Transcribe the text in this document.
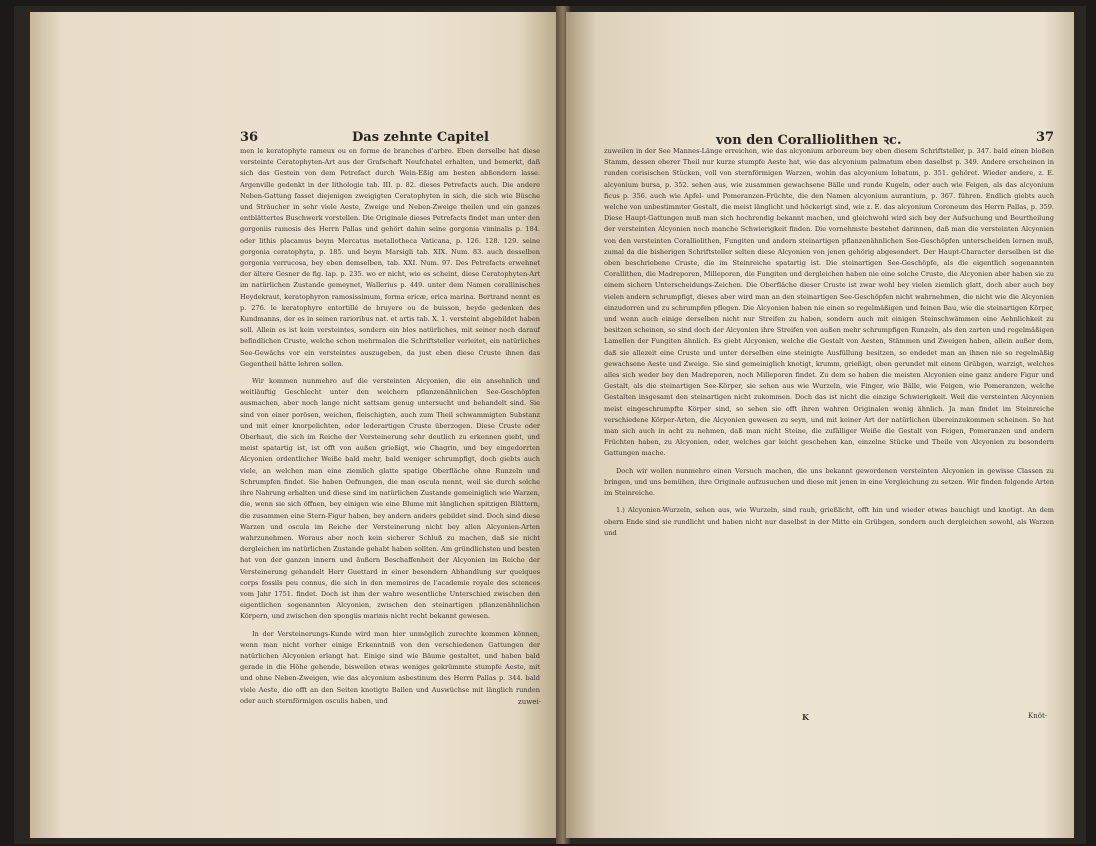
36	Das zehnte Capitel

men le keratophyte rameux ou en forme de branches d'arbre. Eben derselbe hat diese versteinte Ceratophyten-Art aus der Grafschaft Neufchatel erhalten, und bemerkt, daß sich das Gestein von dem Petrefact durch Wein-Eßig am besten abßondern lasse. Argenville gedenkt in der lithologie tab. III. p. 82. dieses Petrefacts auch. Die andere Neben-Gattung fasset diejenigen zweigigten Ceratophyten in sich, die sich wie Büsche und Sträucher in sehr viele Aeste, Zweige und Neben-Zweige theilen und ein ganzes entblättertes Buschwerk vorstellen. Die Originale dieses Petrefacts findet man unter den gorgoniis ramosis des Herrn Pallas und gehört dahin seine gorgonia viminalis p. 184. oder lithis placamus beym Mercatus metallotheca Vaticana, p. 126. 128. 129. seine gorgonia ceratophyta, p. 185. und beym Marsigli tab. XIX. Num. 83. auch desselben gorgonia verrucosa, bey eben demselben, tab. XXI. Num. 97. Des Petrefacts erwehnet der ältere Gesner de fig. lap. p. 235. wo er nicht, wie es scheint, diese Ceratophyten-Art im natürlichen Zustande gemeynet, Wallerius p. 449. unter dem Namen corallinisches Heydekraut, keratophyron ramosissimum, forma ericæ, erica marina. Bertrand nennt es p. 276. le keratophyre entortillé de bruyere ou de buisson, beyde gedenken des Kundmanns, der es in seinen rarioribus nat. et artis tab. X. 1. versteint abgebildet haben soll. Allein es ist kein versteintes, sondern ein blos natürliches, mit seiner noch darauf befindlichen Cruste, welche schon mehrmalen die Schriftsteller verleitet, ein natürliches See-Gewächs vor ein versteintes auszugeben, da just eben diese Cruste ihnen das Gegentheil hätte lehren sollen.

Wir kommen nunmehro auf die versteinten Alcyonien, die ein ansehnlich und weitläuftig Geschlecht unter den weichern pflanzenähnlichen See-Geschöpfen ausmachen, aber noch lange nicht sattsam genug untersucht und behandelt sind. Sie sind von einer porösen, weichen, fleischigten, auch zum Theil schwammigten Substanz und mit einer knorpelichten, oder lederartigen Cruste überzogen. Diese Cruste oder Oberhaut, die sich im Reiche der Versteinerung sehr deutlich zu erkennen giebt, und meist spatartig ist, ist offt von außen grießigt, wie Chagrin, und bey eingedorrten Alcyonien ordentlicher Weiße bald mehr, bald weniger schrumpfigt, doch giebts auch viele, an welchen man eine ziemlich glatte spatige Oberfläche ohne Runzeln und Schrumpfen findet. Sie haben Oefnungen, die man oscula nennt, weil sie durch solche ihre Nahrung erhalten und diese sind im natürlichen Zustande gemeiniglich wie Warzen, die, wenn sie sich öffnen, bey einigen wie eine Blume mit länglichen spitzigen Blättern, die zusammen eine Stern-Figur haben, bey andern anders gebildet sind. Doch sind diese Warzen und oscula im Reiche der Versteinerung nicht bey allen Alcyonien-Arten wahrzunehmen. Woraus aber noch kein sicherer Schluß zu machen, daß sie nicht dergleichen im natürlichen Zustande gehabt haben sollten. Am gründlichsten und besten hat von der ganzen innern und äußern Beschaffenheit der Alcyonien im Reiche der Versteinerung gehandelt Herr Guettard in einer besondern Abhandlung sur quelques corps fossils peu connus, die sich in den memoires de l'academie royale des sciences vom Jahr 1751. findet. Doch ist ihm der wahre wesentliche Unterschied zwischen den eigentlichen sogenannten Alcyonien, zwischen den steinartigen pflanzenähnlichen Körpern, und zwischen den spongiis marinis nicht recht bekannt gewesen.

In der Versteinerungs-Kunde wird man hier unmöglich zurechte kommen können, wenn man nicht vorher einige Erkenntniß von den verschiedenen Gattungen der natürlichen Alcyonien erlangt hat. Einige sind wie Bäume gestaltet, und haben bald gerade in die Höhe gehende, bisweilen etwas weniges gekrümmte stumpfe Aeste, mit und ohne Neben-Zweigen, wie das alcyonium asbestinum des Herrn Pallas p. 344. bald viele Aeste, die offt an den Seiten knotigte Ballen und Auswüchse mit länglich runden oder auch sternförmigen osculis haben, und	zuwei-
von den Coralliolithen ꝛc.	37

zuweilen in der See Mannes-Länge erreichen, wie das alcyonium arboreum bey eben diesem Schriftsteller, p. 347. bald einen bloßen Stamm, dessen oberer Theil nur kurze stumpfe Aeste hat, wie das alcyonium palmatum eben daselbst p. 349. Andere erscheinen in runden corisischen Stücken, voll von sternförmigen Warzen, wohin das alcyonium lobatum, p. 351. gehöret. Wieder andere, z. E. alcyonium bursa, p. 352. sehen aus, wie zusammen gewachsene Bälle und runde Kugeln, oder auch wie Feigen, als das alcyonium ficus p. 356. auch wie Apfel- und Pomeranzen-Früchte, die den Namen alcyonium aurantium, p. 367. führen. Endlich giebts auch welche von unbestimmter Gestalt, die meist länglicht und höckerigt sind, wie z. E. das alcyonium Coroneum des Herrn Pallas, p. 359. Diese Haupt-Gattungen muß man sich hochrendig bekannt machen, und gleichwohl wird sich bey der Aufsuchung und Beurtheilung der versteinten Alcyonien noch manche Schwierigkeit finden. Die vornehmste bestehet darinnen, daß man die versteinten Alcyonien von den versteinten Coralliolithen, Fungiten und andern steinartigen pflanzenähnlichen See-Geschöpfen unterscheiden lernen muß, zumal da die bisherigen Schriftsteller selten diese Alcyonien von jenen gehörig abgesondert. Der Haupt-Character derselben ist die oben beschriebene Cruste, die im Steinreiche spatartig ist. Die steinartigen See-Geschöpfe, als die eigentlich sogenannten Corallithen, die Madreporen, Milleporen, die Fungiten und dergleichen haben nie eine solche Cruste, die Alcyonien aber haben sie zu einem sichern Unterscheidungs-Zeichen. Die Oberfläche dieser Cruste ist zwar wohl bey vielen ziemlich glatt, doch aber auch bey vielen andern schrumpfigt, dieses aber wird man an den steinartigen See-Geschöpfen nicht wahrnehmen, die nicht wie die Alcyonien einzudorren und zu schrumpfen pflegen. Die Alcyonien haben nie einen so regelmäßigen und feinen Bau, wie die steinartigen Körper, und wenn auch einige derselben nicht nur Streifen zu haben, sondern auch mit einigen Steinschwämmen eine Aehnlichkeit zu besitzen scheinen, so sind doch der Alcyonien ihre Streifen von außen mehr schrumpfigen Runzeln, als den zarten und regelmäßigen Lamellen der Fungiten ähnlich. Es giebt Alcyonien, welche die Gestalt von Aesten, Stämmen und Zweigen haben, allein außer dem, daß sie allezeit eine Cruste und unter derselben eine steinigte Ausfüllung besitzen, so endedet man an ihnen nie so regelmäßig gewachsene Aeste und Zweige. Sie sind gemeiniglich knotigt, krumm, grießigt, oben gerundet mit einem Grübgen, warzigt, welches alles sich weder bey den Madreporen, noch Milleporen findet. Zu dem so haben die meisten Alcyonien eine ganz andere Figur und Gestalt, als die steinartigen See-Körper, sie sehen aus wie Wurzeln, wie Finger, wie Bälle, wie Feigen, wie Pomeranzen, welche Gestalten insgesamt den steinartigen nicht zukommen. Doch das ist nicht die einzige Schwierigkeit. Weil die versteinten Alcyonien meist eingeschrumpfte Körper sind, so sehen sie offt ihren wahren Originalen wenig ähnlich. Ja man findet im Steinreiche verschiedene Körper-Arten, die Alcyonien gewesen zu seyn, und mit keiner Art der natürlichen übereinzukommen scheinen. So hat man sich auch in acht zu nehmen, daß man nicht Steine, die zufälliger Weiße die Gestalt von Feigen, Pomeranzen und andern Früchten haben, zu Alcyonien, oder, welches gar leicht geschehen kan, einzelne Stücke und Theile von Alcyonien zu besondern Gattungen mache.

Doch wir wollen nunmehro einen Versuch machen, die uns bekannt gewordenen versteinten Alcyonien in gewisse Classen zu bringen, und uns bemühen, ihre Originale aufzusuchen und diese mit jenen in eine Vergleichung zu setzen. Wir finden folgende Arten im Steinreiche.

1.) Alcyonien-Wurzeln, sehen aus, wie Wurzeln, sind rauh, grießlicht, offt hin und wieder etwas bauchigt und knotigt. An dem obern Ende sind sie rundlicht und haben nicht nur daselbst in der Mitte ein Grübgen, sondern auch dergleichen sowohl, als Warzen und

K	Knöt-
